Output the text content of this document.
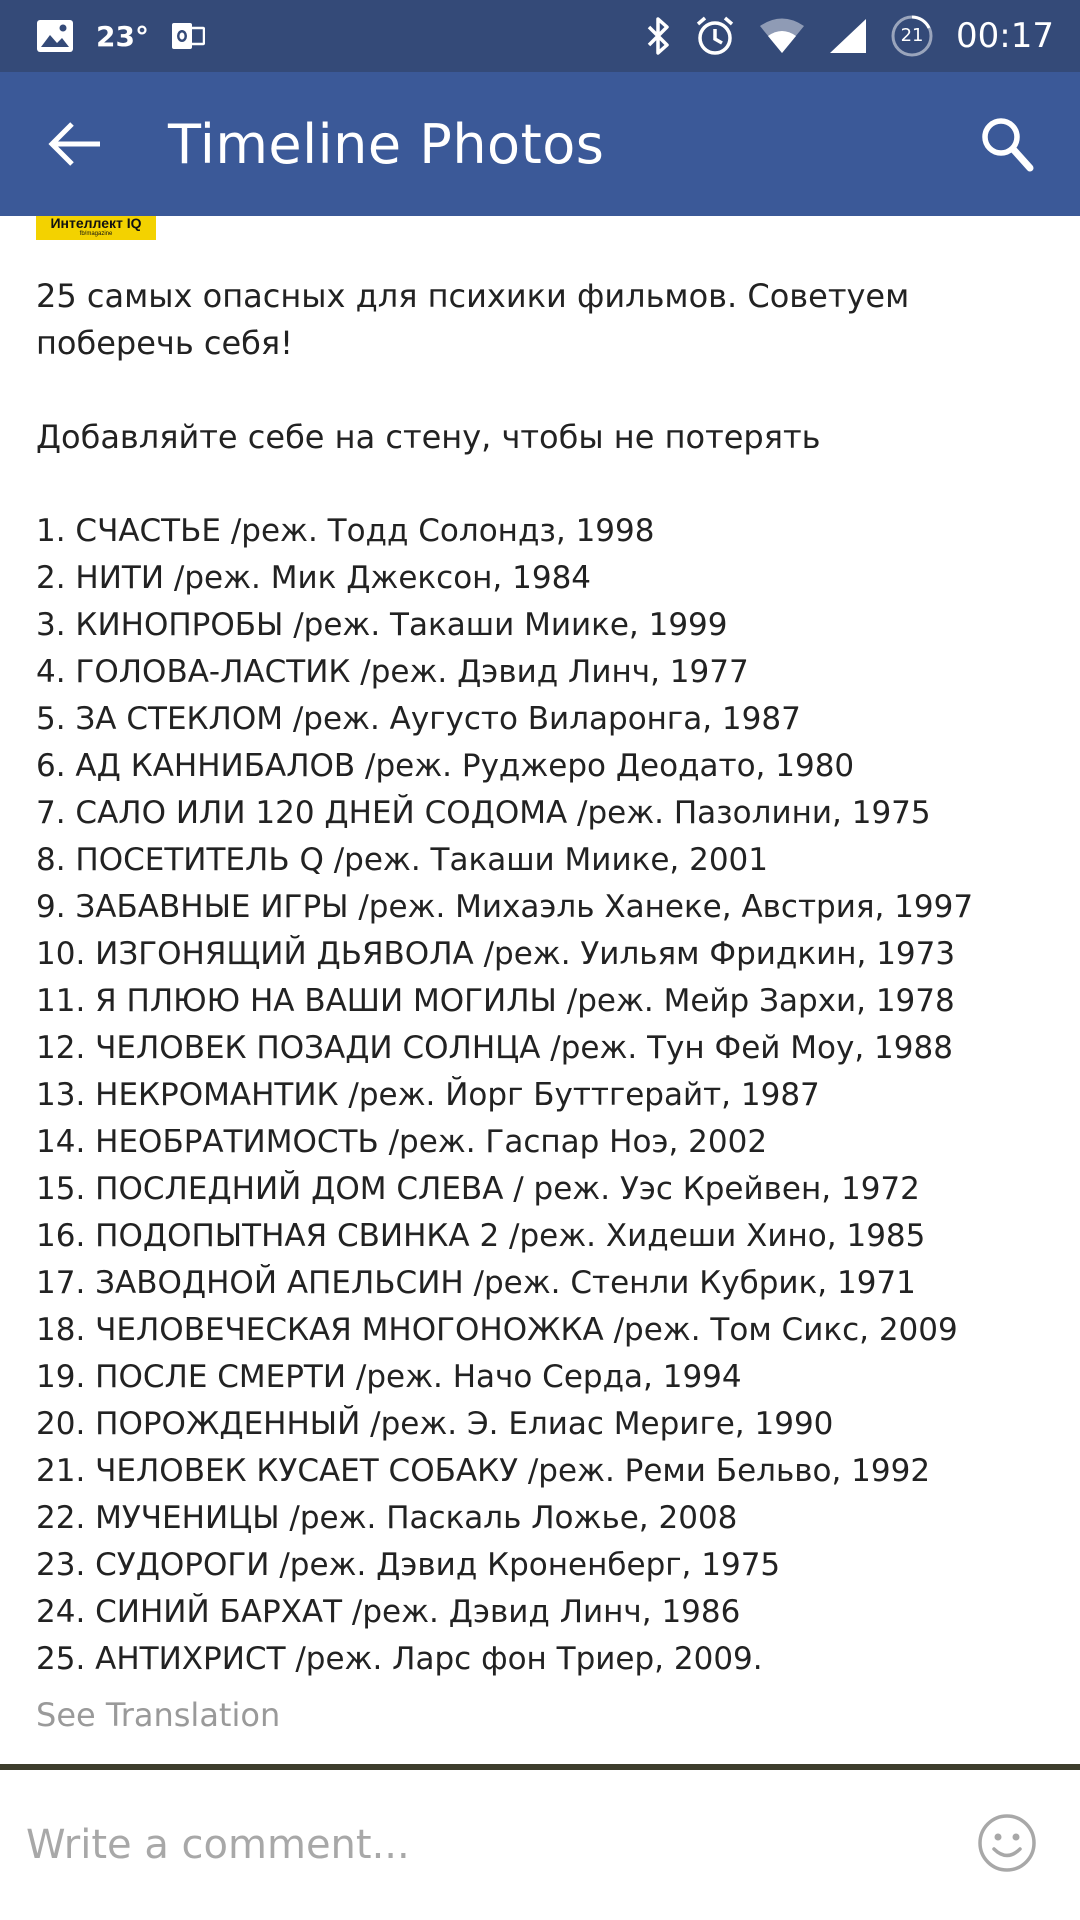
23°	21 00:17
Timeline Photos
Интеллект IQ
fb/magazine

25 самых опасных для психики фильмов. Советуем

поберечь себя!

Добавляйте себе на стену, чтобы не потерять

1. СЧАСТЬЕ /реж. Тодд Солондз, 1998
2. НИТИ /реж. Мик Джексон, 1984
3. КИНОПРОБЫ /реж. Такаши Миике, 1999
4. ГОЛОВА-ЛАСТИК /реж. Дэвид Линч, 1977
5. ЗА СТЕКЛОМ /реж. Аугусто Виларонга, 1987
6. АД КАННИБАЛОВ /реж. Руджеро Деодато, 1980
7. САЛО ИЛИ 120 ДНЕЙ СОДОМА /реж. Пазолини, 1975
8. ПОСЕТИТЕЛЬ Q /реж. Такаши Миике, 2001
9. ЗАБАВНЫЕ ИГРЫ /реж. Михаэль Ханеке, Австрия, 1997
10. ИЗГОНЯЩИЙ ДЬЯВОЛА /реж. Уильям Фридкин, 1973
11. Я ПЛЮЮ НА ВАШИ МОГИЛЫ /реж. Мейр Зархи, 1978
12. ЧЕЛОВЕК ПОЗАДИ СОЛНЦА /реж. Тун Фей Моу, 1988
13. НЕКРОМАНТИК /реж. Йорг Буттгерайт, 1987
14. НЕОБРАТИМОСТЬ /реж. Гаспар Ноэ, 2002
15. ПОСЛЕДНИЙ ДОМ СЛЕВА / реж. Уэс Крейвен, 1972
16. ПОДОПЫТНАЯ СВИНКА 2 /реж. Хидеши Хино, 1985
17. ЗАВОДНОЙ АПЕЛЬСИН /реж. Стенли Кубрик, 1971
18. ЧЕЛОВЕЧЕСКАЯ МНОГОНОЖКА /реж. Том Сикс, 2009
19. ПОСЛЕ СМЕРТИ /реж. Начо Серда, 1994
20. ПОРОЖДЕННЫЙ /реж. Э. Елиас Мериге, 1990
21. ЧЕЛОВЕК КУСАЕТ СОБАКУ /реж. Реми Бельво, 1992
22. МУЧЕНИЦЫ /реж. Паскаль Ложье, 2008
23. СУДОРОГИ /реж. Дэвид Кроненберг, 1975
24. СИНИЙ БАРХАТ /реж. Дэвид Линч, 1986
25. АНТИХРИСТ /реж. Ларс фон Триер, 2009.
See Translation
Write a comment...
